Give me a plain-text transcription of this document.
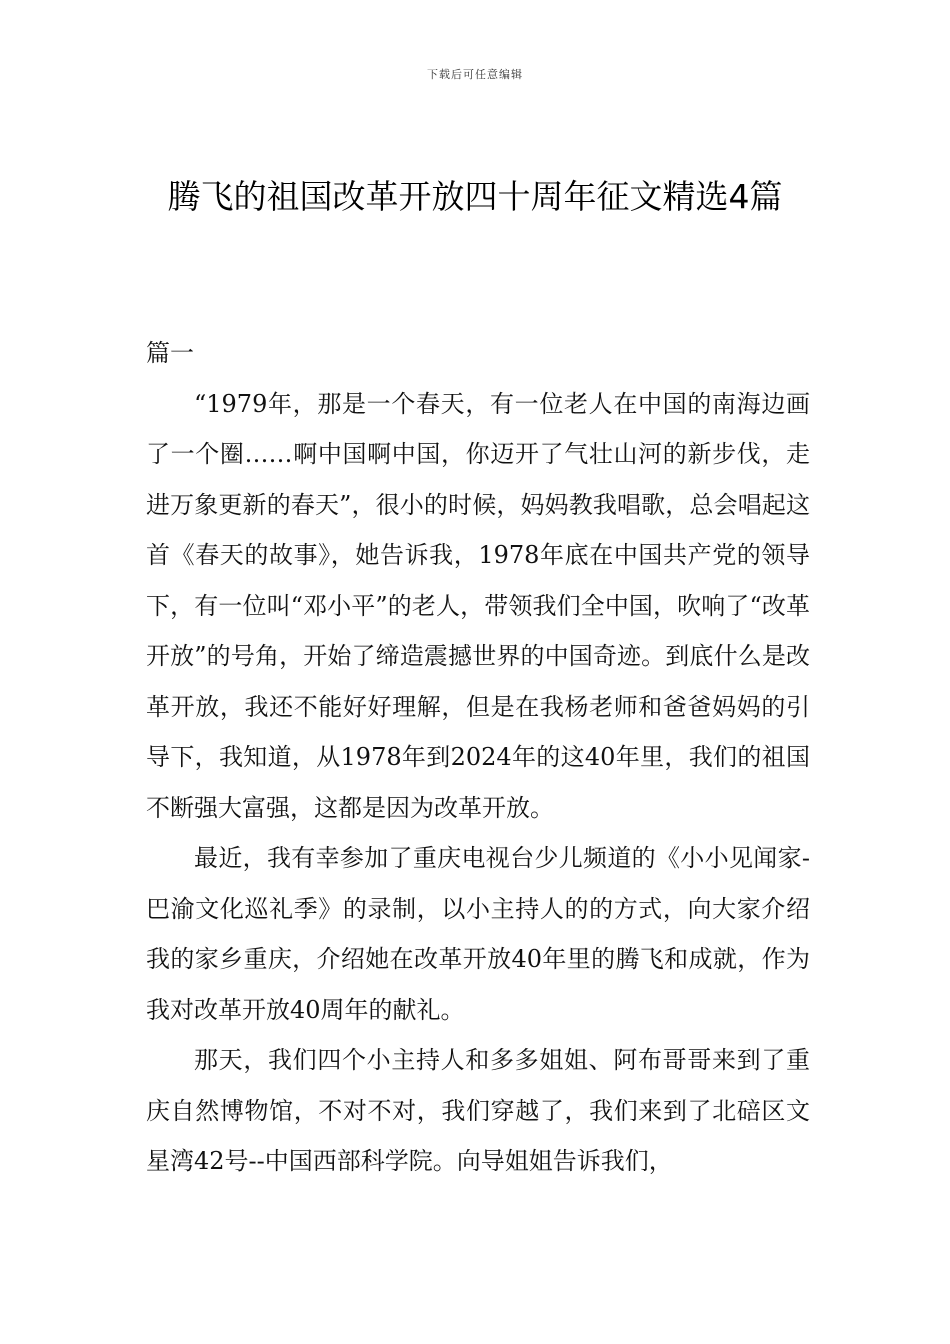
下载后可任意编辑
腾飞的祖国改革开放四十周年征文精选4篇

篇一

“1979年，那是一个春天，有一位老人在中国的南海边画了一个圈……啊中国啊中国，你迈开了气壮山河的新步伐，走进万象更新的春天”，很小的时候，妈妈教我唱歌，总会唱起这首《春天的故事》，她告诉我，1978年底在中国共产党的领导下，有一位叫“邓小平”的老人，带领我们全中国，吹响了“改革开放”的号角，开始了缔造震撼世界的中国奇迹。到底什么是改革开放，我还不能好好理解，但是在我杨老师和爸爸妈妈的引导下，我知道，从1978年到2024年的这40年里，我们的祖国不断强大富强，这都是因为改革开放。

最近，我有幸参加了重庆电视台少儿频道的《小小见闻家-巴渝文化巡礼季》的录制，以小主持人的的方式，向大家介绍我的家乡重庆，介绍她在改革开放40年里的腾飞和成就，作为我对改革开放40周年的献礼。

那天，我们四个小主持人和多多姐姐、阿布哥哥来到了重庆自然博物馆，不对不对，我们穿越了，我们来到了北碚区文星湾42号--中国西部科学院。向导姐姐告诉我们，
